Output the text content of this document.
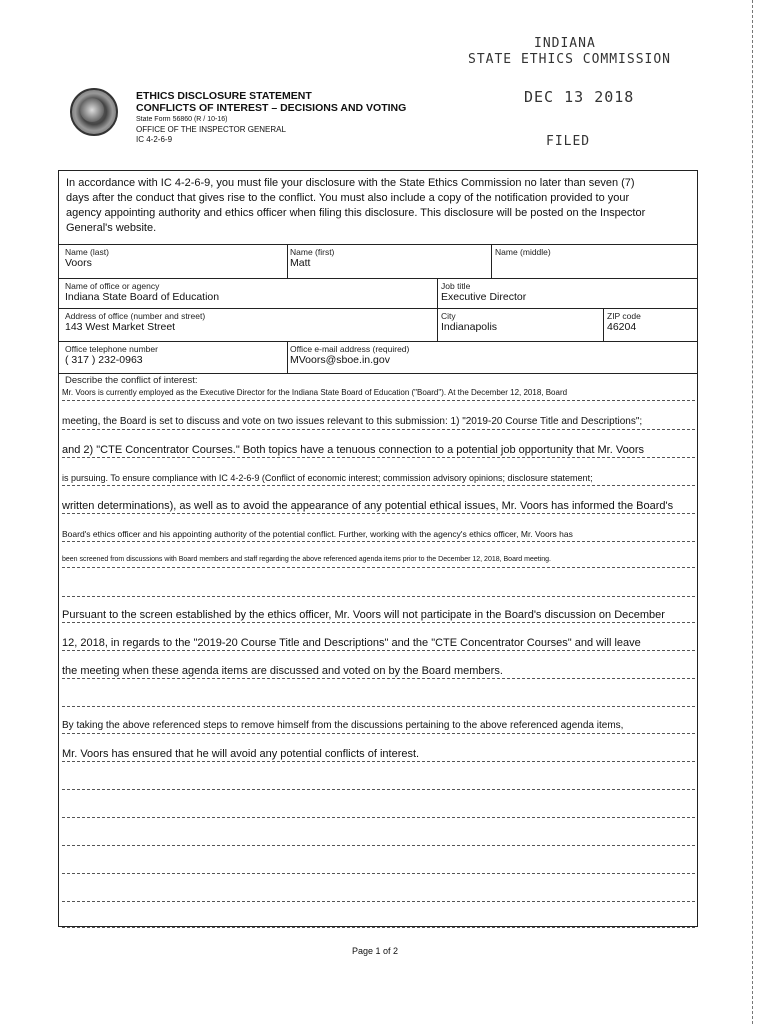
INDIANA
STATE ETHICS COMMISSION
DEC 13 2018
FILED
ETHICS DISCLOSURE STATEMENT
CONFLICTS OF INTEREST – DECISIONS AND VOTING
State Form 56860 (R / 10-16)
OFFICE OF THE INSPECTOR GENERAL
IC 4-2-6-9
In accordance with IC 4-2-6-9, you must file your disclosure with the State Ethics Commission no later than seven (7)
days after the conduct that gives rise to the conflict. You must also include a copy of the notification provided to your
agency appointing authority and ethics officer when filing this disclosure. This disclosure will be posted on the Inspector
General's website.
Name (last)
Voors
Name (first)
Matt
Name (middle)
Name of office or agency
Indiana State Board of Education
Job title
Executive Director
Address of office (number and street)
143 West Market Street
City
Indianapolis
ZIP code
46204
Office telephone number
( 317 ) 232-0963
Office e-mail address (required)
MVoors@sboe.in.gov
Describe the conflict of interest:
Mr. Voors is currently employed as the Executive Director for the Indiana State Board of Education ("Board"). At the December 12, 2018, Board
meeting, the Board is set to discuss and vote on two issues relevant to this submission: 1) "2019-20 Course Title and Descriptions";
and 2) "CTE Concentrator Courses." Both topics have a tenuous connection to a potential job opportunity that Mr. Voors
is pursuing. To ensure compliance with IC 4-2-6-9 (Conflict of economic interest; commission advisory opinions; disclosure statement;
written determinations), as well as to avoid the appearance of any potential ethical issues, Mr. Voors has informed the Board's
Board's ethics officer and his appointing authority of the potential conflict. Further, working with the agency's ethics officer, Mr. Voors has
been screened from discussions with Board members and staff regarding the above referenced agenda items prior to the December 12, 2018, Board meeting.
Pursuant to the screen established by the ethics officer, Mr. Voors will not participate in the Board's discussion on December
12, 2018, in regards to the "2019-20 Course Title and Descriptions" and the "CTE Concentrator Courses" and will leave
the meeting when these agenda items are discussed and voted on by the Board members.
By taking the above referenced steps to remove himself from the discussions pertaining to the above referenced agenda items,
Mr. Voors has ensured that he will avoid any potential conflicts of interest.
Page 1 of 2
